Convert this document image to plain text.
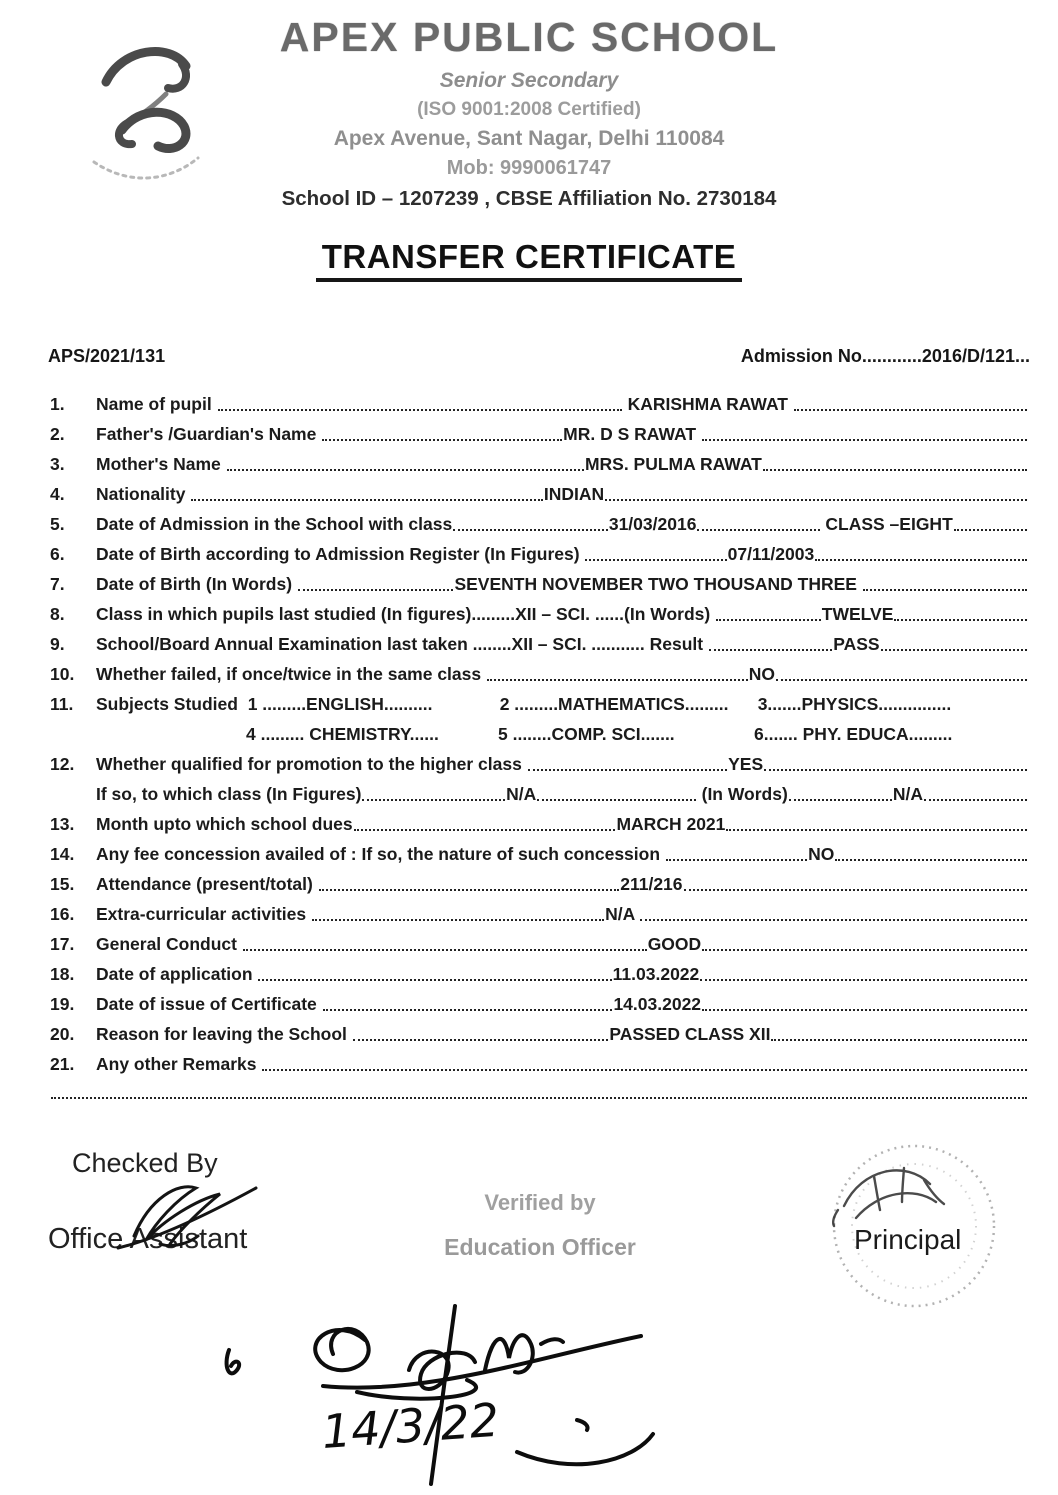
APEX PUBLIC SCHOOL
Senior Secondary
(ISO 9001:2008 Certified)
Apex Avenue, Sant Nagar, Delhi 110084
Mob: 9990061747
School ID – 1207239 , CBSE Affiliation No. 2730184
TRANSFER CERTIFICATE
APS/2021/131	Admission No............2016/D/121...
1.	Name of pupil	KARISHMA RAWAT
2.	Father's /Guardian's Name	MR. D S RAWAT
3.	Mother's Name	MRS. PULMA RAWAT
4.	Nationality	INDIAN
5.	Date of Admission in the School with class	31/03/2016	CLASS –EIGHT
6.	Date of Birth according to Admission Register (In Figures)	07/11/2003
7.	Date of Birth (In Words)	SEVENTH NOVEMBER TWO THOUSAND THREE
8.	Class in which pupils last studied (In figures).........XII – SCI. ......(In Words)	TWELVE
9.	School/Board Annual Examination last taken ........XII – SCI. ........... Result	PASS
10.	Whether failed, if once/twice in the same class	NO
11.	Subjects Studied 1 .........ENGLISH..........	2 .........MATHEMATICS.........	3.......PHYSICS...............
4 ......... CHEMISTRY......	5 ........COMP. SCI.......	6....... PHY. EDUCA.........
12.	Whether qualified for promotion to the higher class	YES
If so, to which class (In Figures)	N/A	(In Words)	N/A
13.	Month upto which school dues	MARCH 2021
14.	Any fee concession availed of : If so, the nature of such concession	NO
15.	Attendance (present/total)	211/216
16.	Extra-curricular activities	N/A
17.	General Conduct	GOOD
18.	Date of application	11.03.2022
19.	Date of issue of Certificate	14.03.2022
20.	Reason for leaving the School	PASSED CLASS XII
21.	Any other Remarks
Checked By
Office Assistant
Verified by
Education Officer	Principal
14/3/22
